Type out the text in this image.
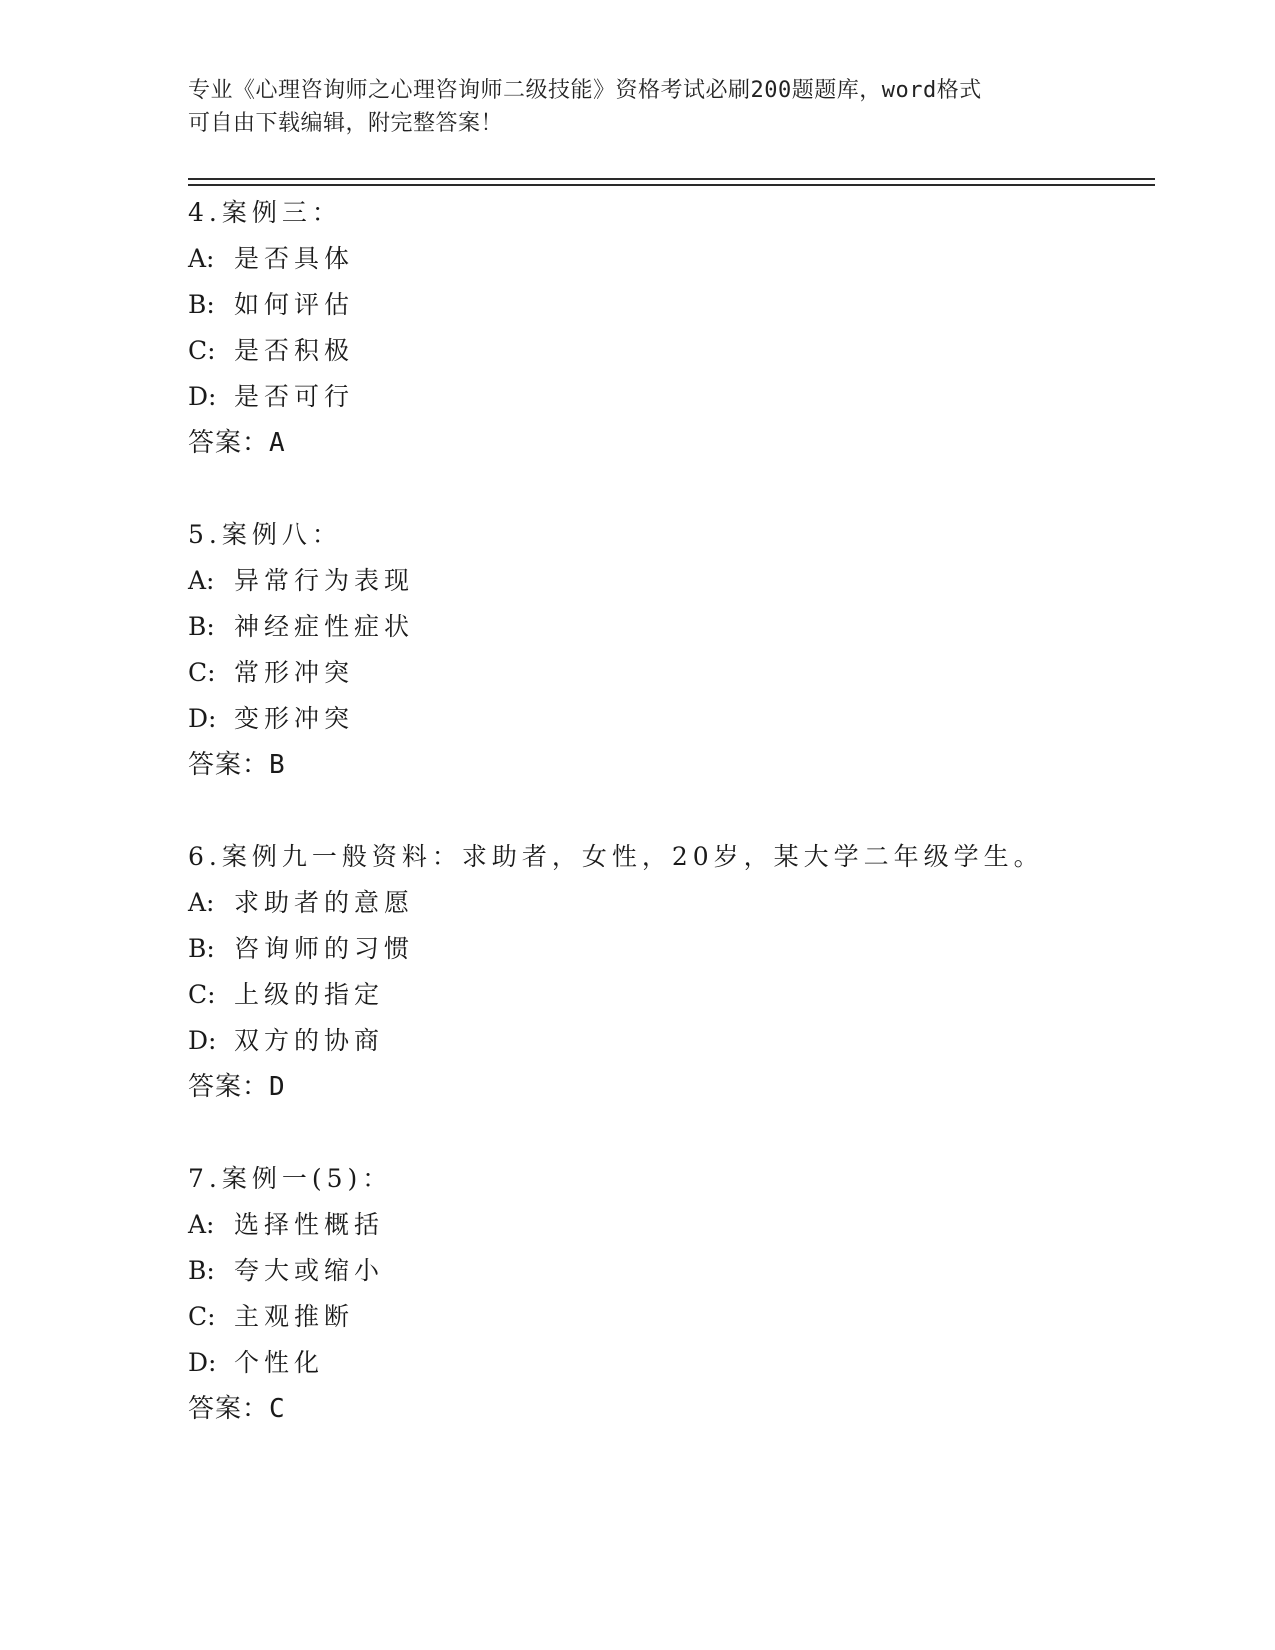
专业《心理咨询师之心理咨询师二级技能》资格考试必刷200题题库，word格式
可自由下载编辑，附完整答案！
4.案例三：
A: 是否具体
B: 如何评估
C: 是否积极
D: 是否可行
答案：A
5.案例八：
A: 异常行为表现
B: 神经症性症状
C: 常形冲突
D: 变形冲突
答案：B
6.案例九一般资料：求助者，女性，20岁，某大学二年级学生。
A: 求助者的意愿
B: 咨询师的习惯
C: 上级的指定
D: 双方的协商
答案：D
7.案例一(5)：
A: 选择性概括
B: 夸大或缩小
C: 主观推断
D: 个性化
答案：C
